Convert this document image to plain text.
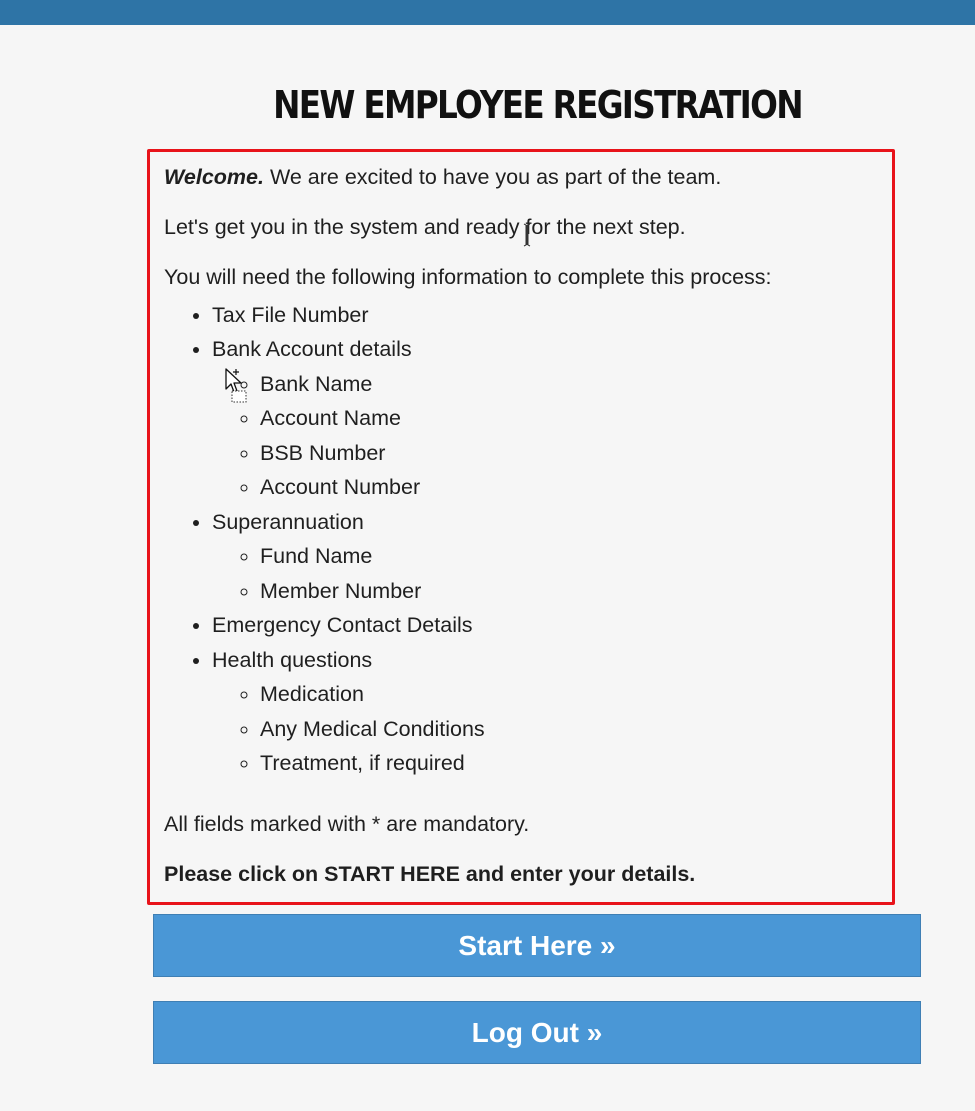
NEW EMPLOYEE REGISTRATION

Welcome. We are excited to have you as part of the team.

Let's get you in the system and ready for the next step.

You will need the following information to complete this process:

• Tax File Number
• Bank Account details
◦ Bank Name
◦ Account Name
◦ BSB Number
◦ Account Number
• Superannuation
◦ Fund Name
◦ Member Number
• Emergency Contact Details
• Health questions
◦ Medication
◦ Any Medical Conditions
◦ Treatment, if required

All fields marked with * are mandatory.

Please click on START HERE and enter your details.

Start Here »
Log Out »
